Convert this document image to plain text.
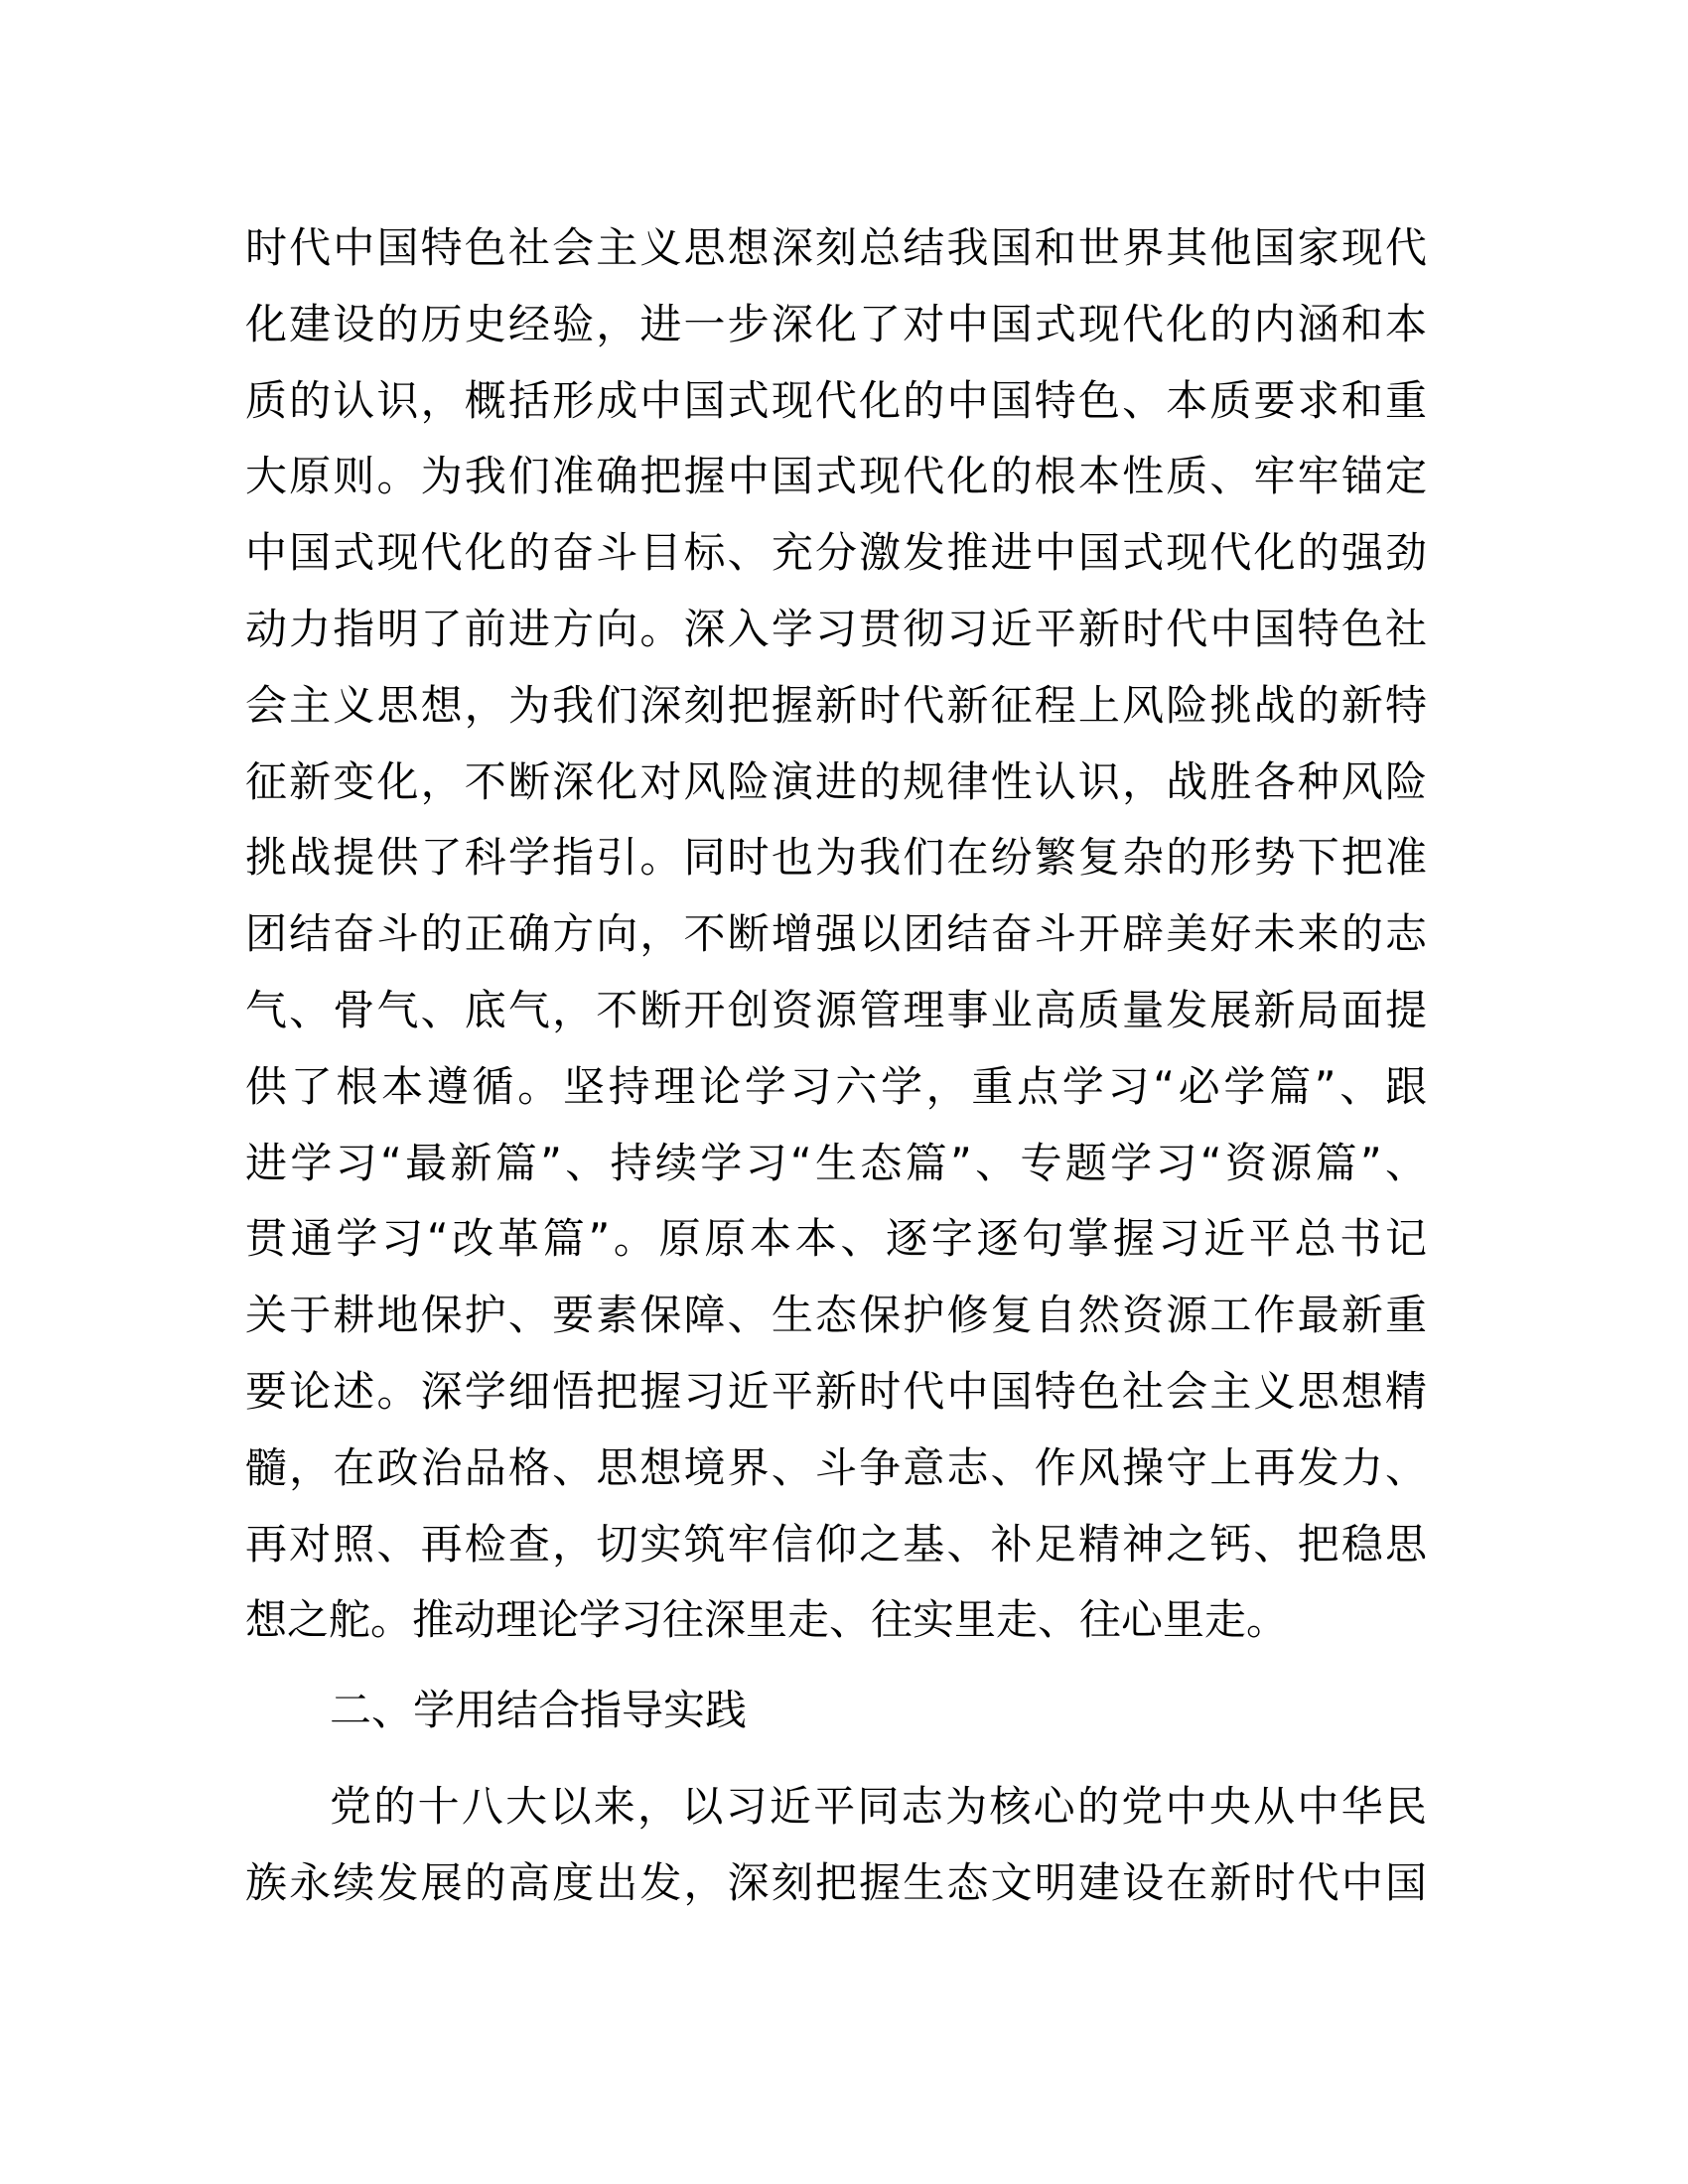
时代中国特色社会主义思想深刻总结我国和世界其他国家现代
化建设的历史经验，进一步深化了对中国式现代化的内涵和本
质的认识，概括形成中国式现代化的中国特色、本质要求和重
大原则。为我们准确把握中国式现代化的根本性质、牢牢锚定
中国式现代化的奋斗目标、充分激发推进中国式现代化的强劲
动力指明了前进方向。深入学习贯彻习近平新时代中国特色社
会主义思想，为我们深刻把握新时代新征程上风险挑战的新特
征新变化，不断深化对风险演进的规律性认识，战胜各种风险
挑战提供了科学指引。同时也为我们在纷繁复杂的形势下把准
团结奋斗的正确方向，不断增强以团结奋斗开辟美好未来的志
气、骨气、底气，不断开创资源管理事业高质量发展新局面提
供了根本遵循。坚持理论学习六学，重点学习“必学篇”、跟
进学习“最新篇”、持续学习“生态篇”、专题学习“资源篇”、
贯通学习“改革篇”。原原本本、逐字逐句掌握习近平总书记
关于耕地保护、要素保障、生态保护修复自然资源工作最新重
要论述。深学细悟把握习近平新时代中国特色社会主义思想精
髓，在政治品格、思想境界、斗争意志、作风操守上再发力、
再对照、再检查，切实筑牢信仰之基、补足精神之钙、把稳思
想之舵。推动理论学习往深里走、往实里走、往心里走。
二、学用结合指导实践
党的十八大以来，以习近平同志为核心的党中央从中华民
族永续发展的高度出发，深刻把握生态文明建设在新时代中国
